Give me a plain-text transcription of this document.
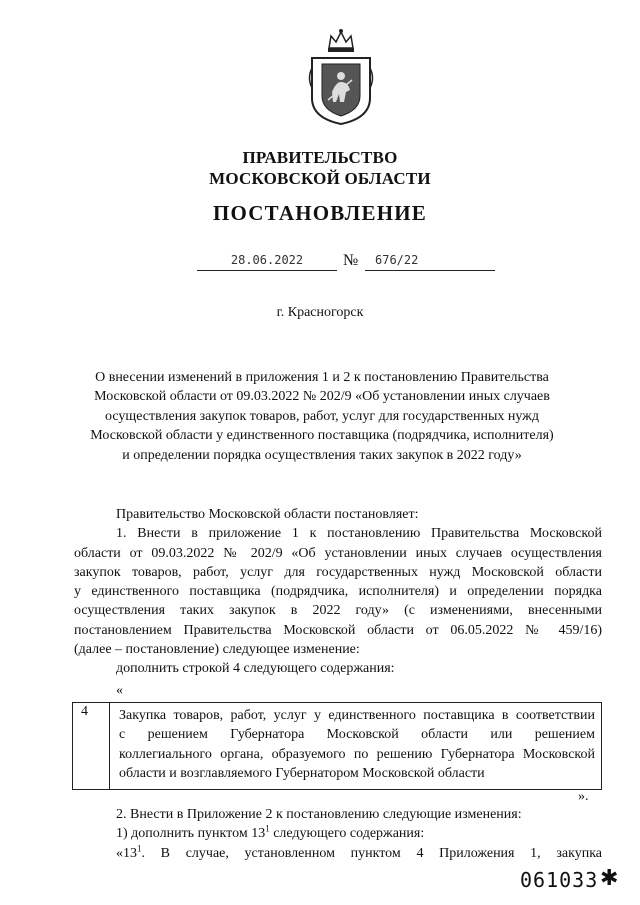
ПРАВИТЕЛЬСТВО
МОСКОВСКОЙ ОБЛАСТИ
ПОСТАНОВЛЕНИЕ
28.06.2022	№	676/22
г. Красногорск
О внесении изменений в приложения 1 и 2 к постановлению Правительства
Московской области от 09.03.2022 № 202/9 «Об установлении иных случаев
осуществления закупок товаров, работ, услуг для государственных нужд
Московской области у единственного поставщика (подрядчика, исполнителя)
и определении порядка осуществления таких закупок в 2022 году»
Правительство Московской области постановляет:
1. Внести в приложение 1 к постановлению Правительства Московской
области от 09.03.2022 № 202/9 «Об установлении иных случаев осуществления
закупок товаров, работ, услуг для государственных нужд Московской области
у единственного поставщика (подрядчика, исполнителя) и определении порядка
осуществления таких закупок в 2022 году» (с изменениями, внесенными
постановлением Правительства Московской области от 06.05.2022 № 459/16)
(далее – постановление) следующее изменение:
дополнить строкой 4 следующего содержания:
«
4 Закупка товаров, работ, услуг у единственного поставщика в соответствии
с решением Губернатора Московской области или решением
коллегиального органа, образуемого по решению Губернатора Московской
области и возглавляемого Губернатором Московской области
».
2. Внести в Приложение 2 к постановлению следующие изменения:
1) дополнить пунктом $13^1$ следующего содержания:
«$13^1$. В случае, установленном пунктом 4 Приложения 1, закупка
061033 ✱
